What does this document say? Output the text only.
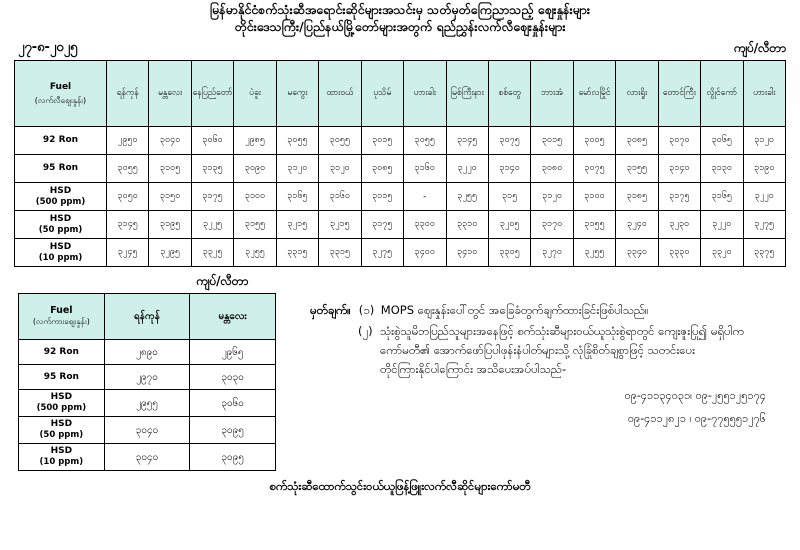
မြန်မာနိုင်ငံစက်သုံးဆီအရောင်းဆိုင်များအသင်းမှ သတ်မှတ်ကြေညာသည့် ဈေးနှုန်းများ
တိုင်းဒေသကြီး/ပြည်နယ်မြို့တော်များအတွက် ရည်ညွှန်းလက်လီဈေးနှုန်းများ
၂၇-၈-၂၀၂၅	ကျပ်/လီတာ
Fuel
(လက်လီဈေးနှုန်း)	ရန်ကုန်	မန္တလေး	နေပြည်တော်	ပဲခူး	မကွေး	ထားဝယ်	ပုသိမ်	ဟားခါး	မြစ်ကြီးနား	စစ်တွေ	ဘားအံ	မော်လမြိုင်	လားရှိုး	တောင်ကြီး	လွိုင်ကော်	ဟားခါး
92 Ron	၂၉၅၀	၃၀၄၀	၃၀၆၀	၂၉၈၅	၃၀၅၅	၃၀၅၅	၃၀၁၅	၃၀၅၅	၃၁၄၅	၃၀၇၅	၃၀၁၅	၃၀၀၅	၃၀၈၅	၃၀၇၀	၃၀၆၅	၃၁၂၀
95 Ron	၃၀၅၅	၃၁၀၅	၃၁၃၅	၃၀၉၀	၃၁၂၀	၃၁၂၀	၃၀၈၅	၃၁၆၀	၃၂၂၀	၃၁၄၀	၃၀၈၀	၃၀၇၅	၃၁၅၅	၃၁၄၀	၃၁၃၀	၃၁၉၀
HSD
(500 ppm)	၃၀၅၀	၃၁၅၀	၃၁၇၅	၃၁၀၀	၃၁၆၅	၃၁၆၀	၃၁၁၅	-	၃၂၅၅	၃၁၅	၃၁၂၀	၃၁၀၀	၃၁၈၅	၃၁၇၅	၃၁၆၅	၃၂၂၀
HSD
(50 ppm)	၃၁၄၅	၃၁၉၅	၃၂၂၅	၃၁၅၅	၃၂၁၅	၃၂၁၅	၃၁၇၅	၃၃၀၀	၃၃၁၀	၃၂၀၅	၃၁၇၀	၃၁၅၅	၃၂၄၀	၃၂၃၀	၃၂၂၀	၃၂၇၅
HSD
(10 ppm)	၃၂၄၅	၃၂၉၅	၃၃၂၅	၃၂၅၅	၃၃၁၅	၃၃၁၅	၃၂၇၅	၃၄၀၀	၃၄၁၀	၃၃၀၅	၃၂၇၀	၃၂၅၅	၃၃၄၀	၃၃၃၀	၃၃၂၀	၃၃၇၅
ကျပ်/လီတာ
Fuel
(လက်ကားဈေးနှုန်း)	ရန်ကုန်	မန္တလေး
92 Ron	၂၈၉၀	၂၉၆၅
95 Ron	၂၉၇၀	၃၀၃၀
HSD
(500 ppm)	၂၉၅၅	၃၀၆၀
HSD
(50 ppm)	၃၀၄၀	၃၀၉၅
HSD
(10 ppm)	၃၀၄၀	၃၀၉၅
မှတ်ချက်။ (၁) MOPS ဈေးနှုန်းပေါ်တွင် အခြေခံတွက်ချက်ထားခြင်းဖြစ်ပါသည်။

(၂) သုံးစွဲသူမိဘပြည်သူများအနေဖြင့် စက်သုံးဆီများဝယ်ယူသုံးစွဲရာတွင် ကျေးဇူးပြု၍ မရှိပါက
ကော်မတီ၏ အောက်ဖော်ပြပါဖုန်းနံပါတ်များသို့ လုံခြုံစိတ်ချစွာဖြင့် သတင်းပေး
တိုင်ကြားနိုင်ပါကြောင်း အသိပေးအပ်ပါသည်-
၀၉-၄၁၁၃၄၀၃၁၊ ၀၉-၂၅၅၁၂၅၁၇၄
၀၉-၄၁၁၂၈၂၁ ၊ ၀၉-၇၇၅၅၅၁၂၇၆
စက်သုံးဆီထောက်သွင်းဝယ်ယူဖြန့်ဖြူးလက်လီဆိုင်များကော်မတီ
